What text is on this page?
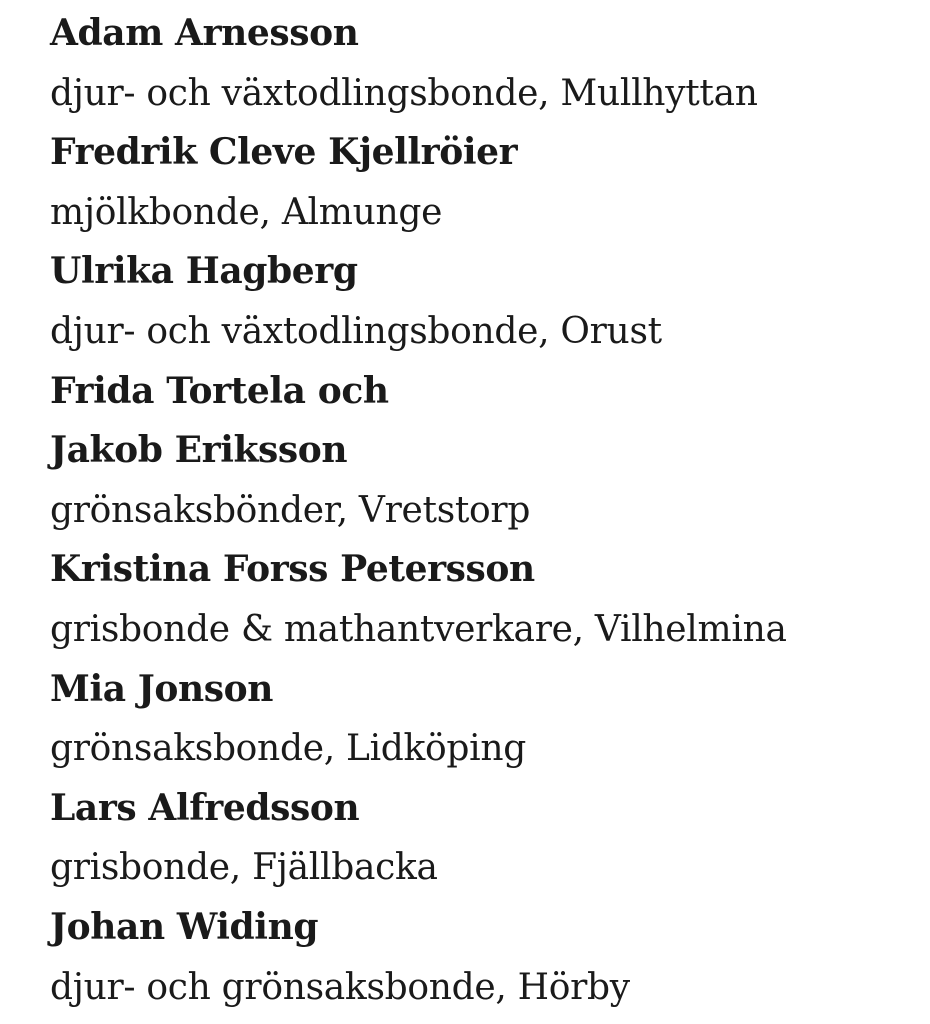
Adam Arnesson
djur- och växtodlingsbonde, Mullhyttan
Fredrik Cleve Kjellröier
mjölkbonde, Almunge
Ulrika Hagberg
djur- och växtodlingsbonde, Orust
Frida Tortela och
Jakob Eriksson
grönsaksbönder, Vretstorp
Kristina Forss Petersson
grisbonde & mathantverkare, Vilhelmina
Mia Jonson
grönsaksbonde, Lidköping
Lars Alfredsson
grisbonde, Fjällbacka
Johan Widing
djur- och grönsaksbonde, Hörby
